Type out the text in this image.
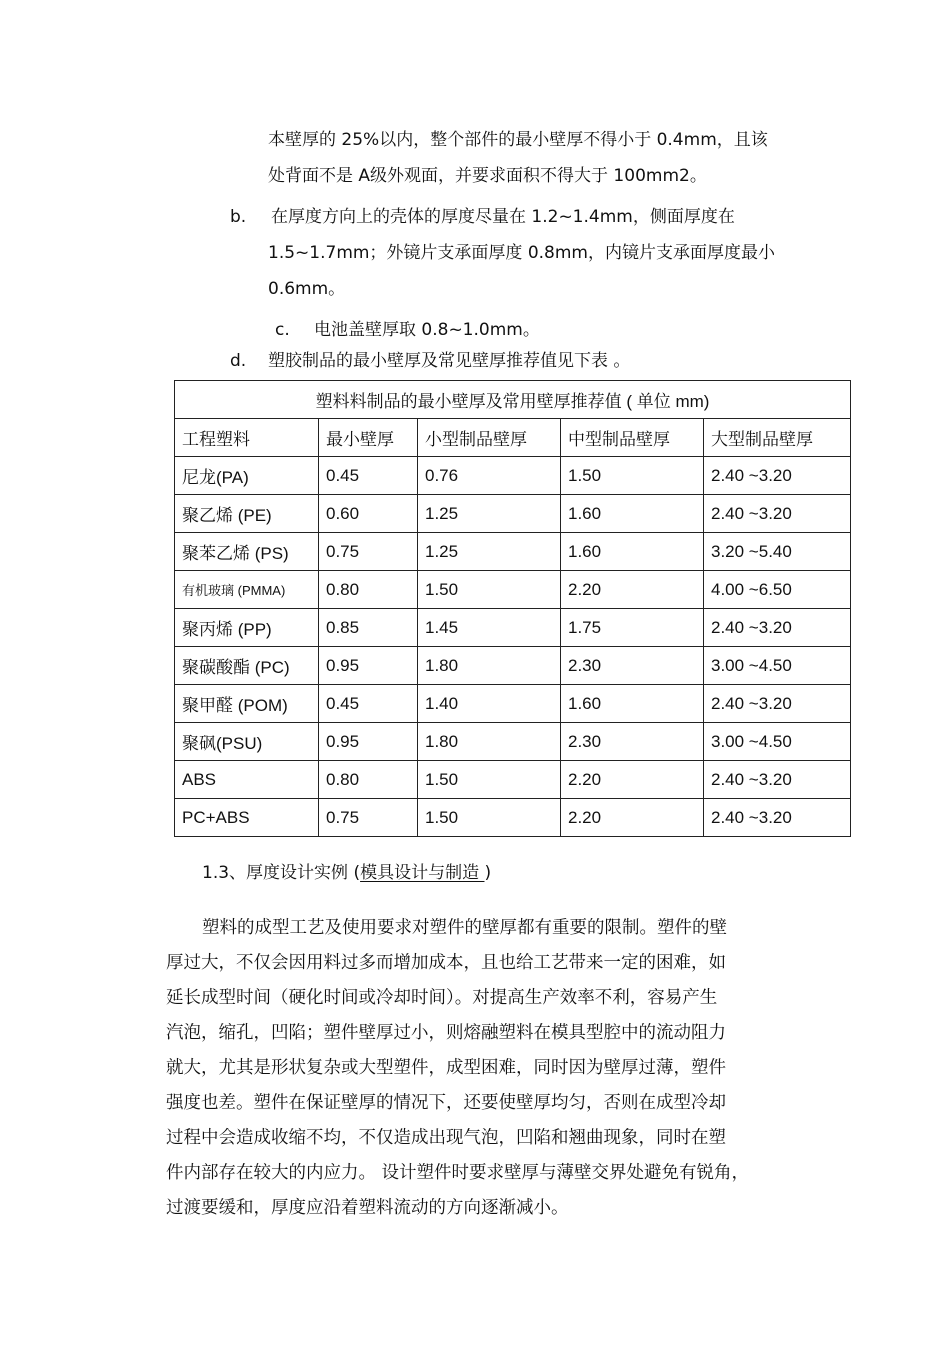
本壁厚的 25%以内，整个部件的最小壁厚不得小于 0.4mm，且该
处背面不是 A级外观面，并要求面积不得大于 100mm2。
b. 在厚度方向上的壳体的厚度尽量在 1.2~1.4mm，侧面厚度在
1.5~1.7mm；外镜片支承面厚度 0.8mm，内镜片支承面厚度最小
0.6mm。
c. 电池盖壁厚取 0.8~1.0mm。
d. 塑胶制品的最小壁厚及常见壁厚推荐值见下表 。
塑料料制品的最小壁厚及常用壁厚推荐值 ( 单位 mm)				
工程塑料	最小壁厚	小型制品壁厚	中型制品壁厚	大型制品壁厚
尼龙(PA)	0.45	0.76	1.50	2.40 ~3.20
聚乙烯 (PE)	0.60	1.25	1.60	2.40 ~3.20
聚苯乙烯 (PS)	0.75	1.25	1.60	3.20 ~5.40
有机玻璃 (PMMA)	0.80	1.50	2.20	4.00 ~6.50
聚丙烯 (PP)	0.85	1.45	1.75	2.40 ~3.20
聚碳酸酯 (PC)	0.95	1.80	2.30	3.00 ~4.50
聚甲醛 (POM)	0.45	1.40	1.60	2.40 ~3.20
聚砜(PSU)	0.95	1.80	2.30	3.00 ~4.50
ABS	0.80	1.50	2.20	2.40 ~3.20
PC+ABS	0.75	1.50	2.20	2.40 ~3.20
1.3、厚度设计实例 (模具设计与制造 )
塑料的成型工艺及使用要求对塑件的壁厚都有重要的限制。塑件的壁
厚过大，不仅会因用料过多而增加成本，且也给工艺带来一定的困难，如
延长成型时间（硬化时间或冷却时间）。对提高生产效率不利，容易产生
汽泡，缩孔，凹陷；塑件壁厚过小，则熔融塑料在模具型腔中的流动阻力
就大，尤其是形状复杂或大型塑件，成型困难，同时因为壁厚过薄，塑件
强度也差。塑件在保证壁厚的情况下，还要使壁厚均匀，否则在成型冷却
过程中会造成收缩不均，不仅造成出现气泡，凹陷和翘曲现象，同时在塑
件内部存在较大的内应力。 设计塑件时要求壁厚与薄壁交界处避免有锐角，
过渡要缓和，厚度应沿着塑料流动的方向逐渐减小。
